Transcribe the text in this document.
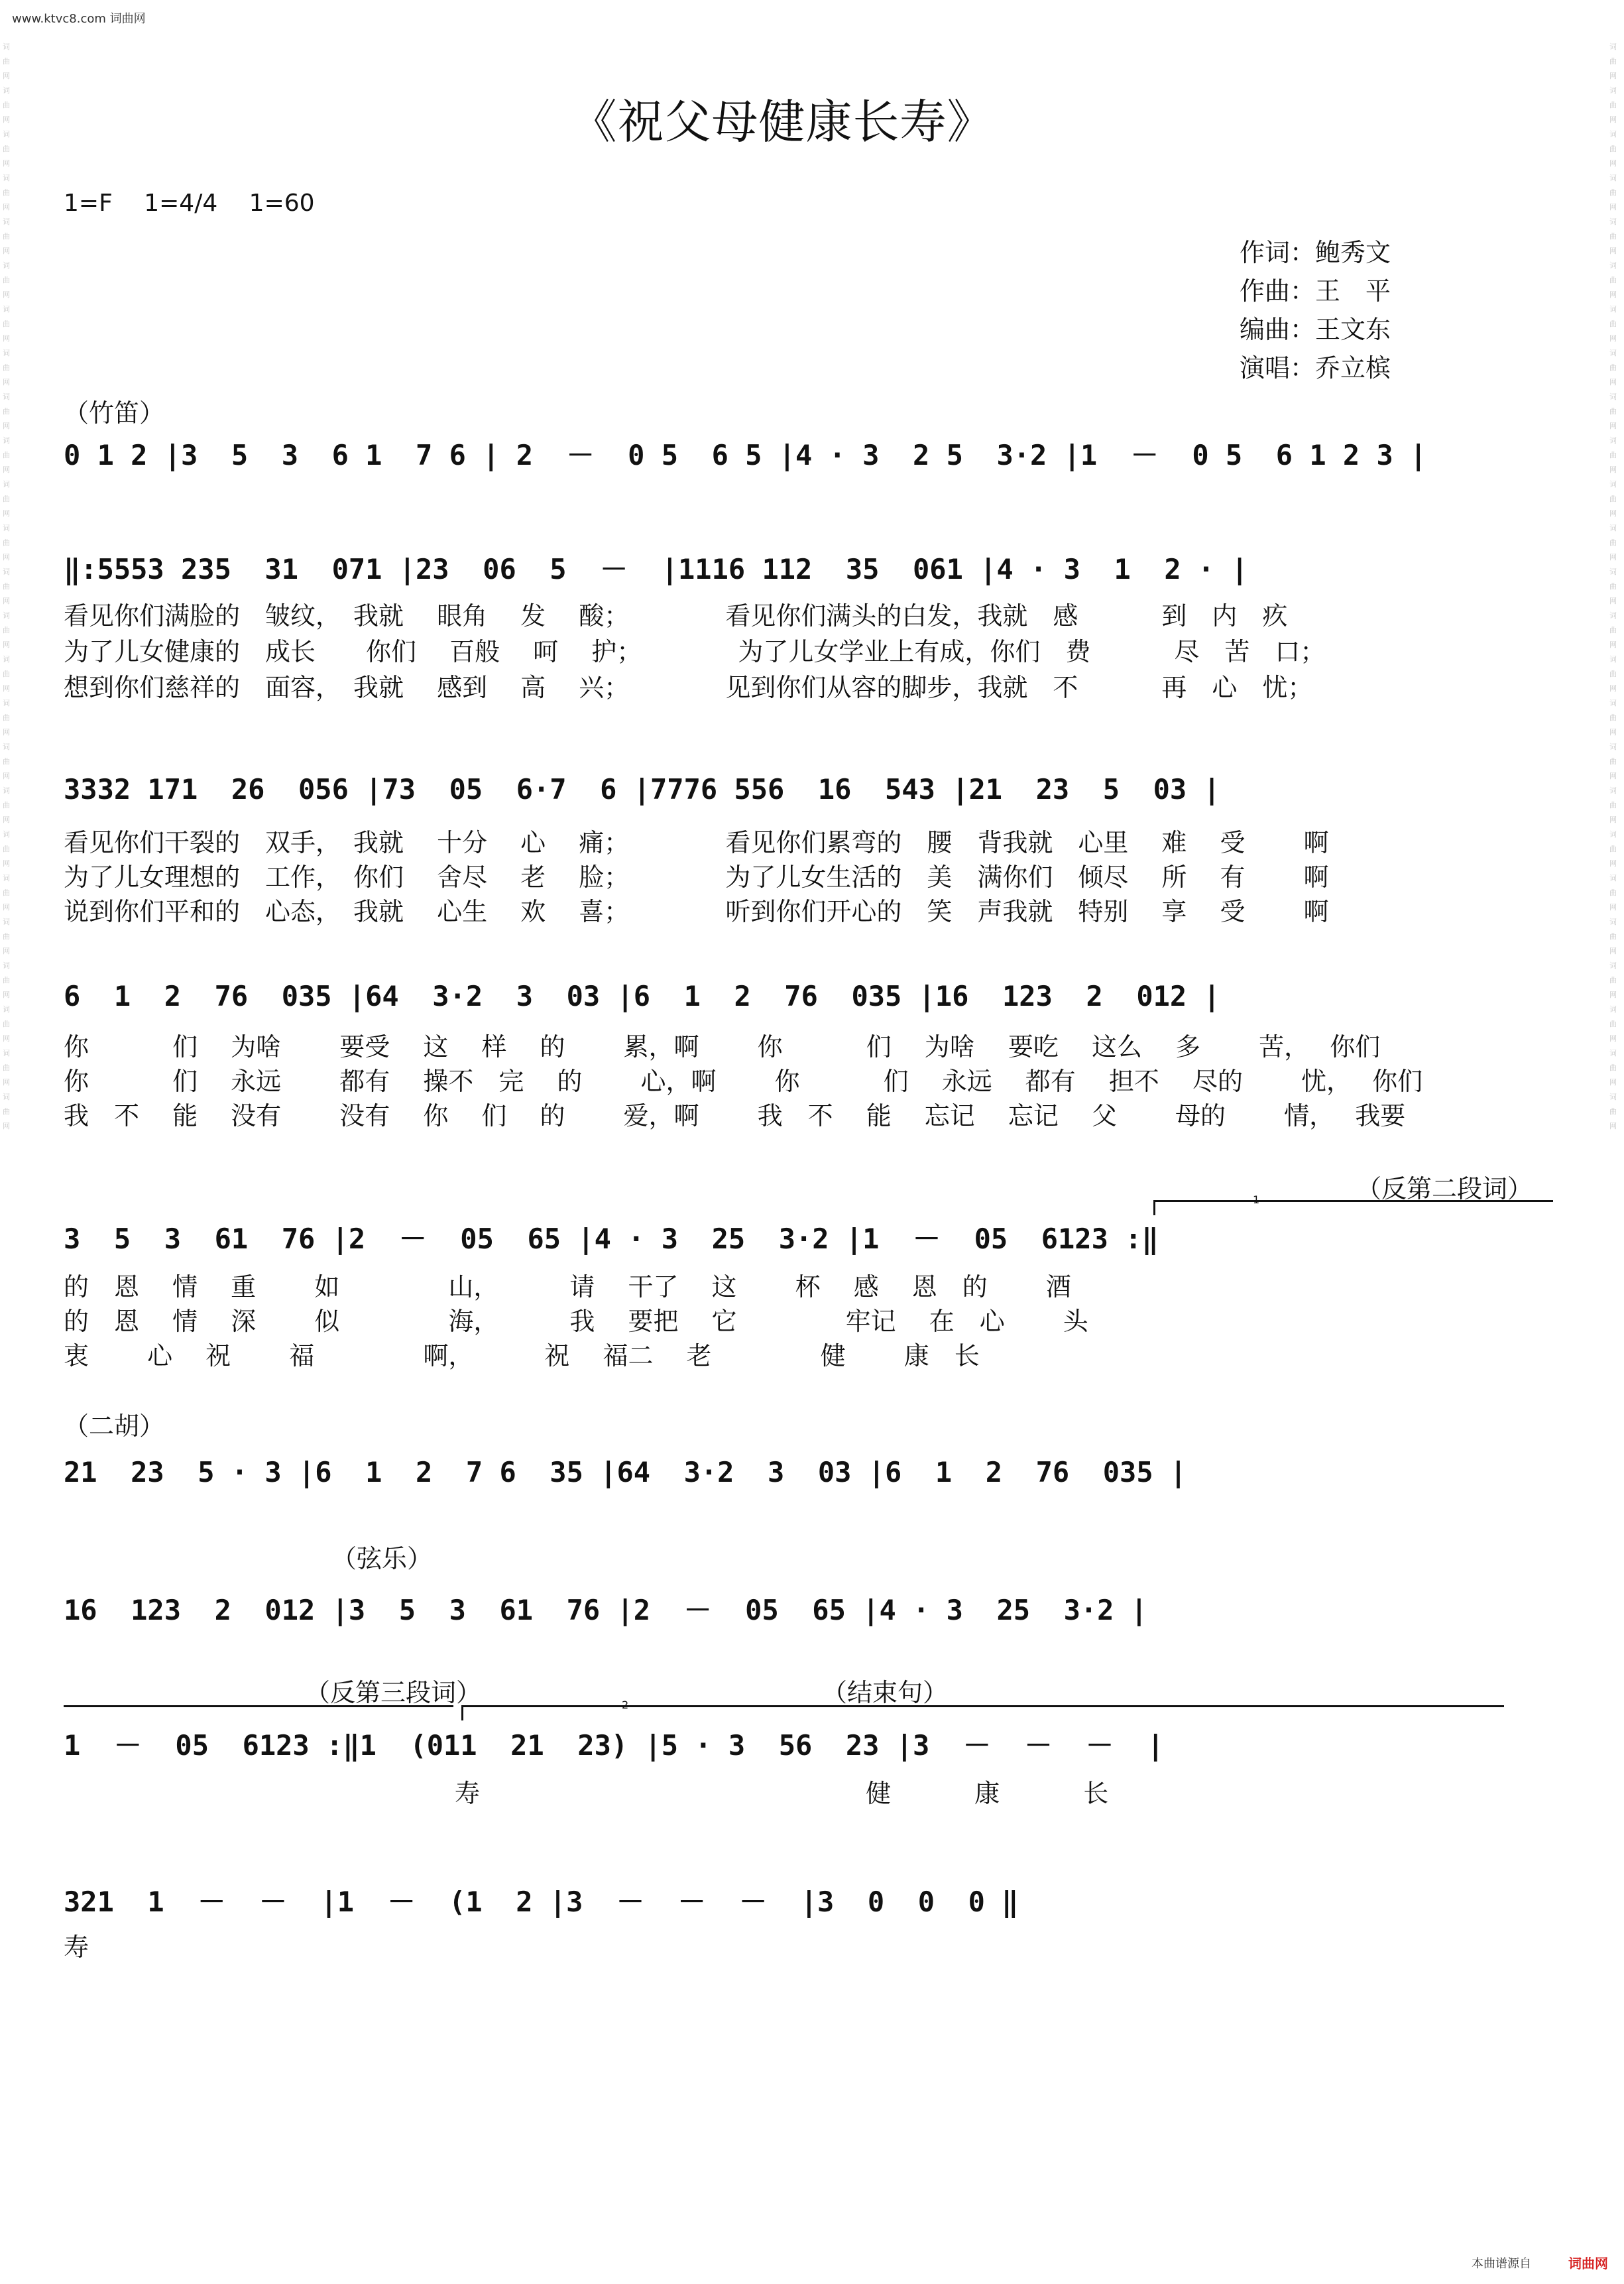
www.ktvc8.com 词曲网
词曲网词曲网词曲网词曲网词曲网词曲网词曲网词曲网词曲网词曲网词曲网词曲网词曲网词曲网词曲网词曲网词曲网词曲网词曲网词曲网词曲网词曲网词曲网词曲网词曲网
词曲网词曲网词曲网词曲网词曲网词曲网词曲网词曲网词曲网词曲网词曲网词曲网词曲网词曲网词曲网词曲网词曲网词曲网词曲网词曲网词曲网词曲网词曲网词曲网词曲网
《祝父母健康长寿》
1=F　 1=4/4　 1=60
作词：鲍秀文
作曲：王　平
编曲：王文东
演唱：乔立槟
（竹笛）
0 1 2 |3  5  3  6 1  7 6 | 2  －  0 5  6 5 |4 · 3  2 5  3·2 |1  －  0 5  6 1 2 3 |
‖:5553 235  31  071 |23  06  5  －  |1116 112  35  061 |4 · 3  1  2 · |
看见你们满脸的　皱纹，　我就　 眼角　 发　 酸；　　　　 看见你们满头的白发，我就　感　　　 到　内　疚
为了儿女健康的　成长　　你们　 百般　 呵　 护；　　　　 为了儿女学业上有成，你们　费　　　 尽　苦　口；
想到你们慈祥的　面容，　我就　 感到　 高　 兴；　　　　 见到你们从容的脚步，我就　不　　　 再　心　忧；
3332 171  26  056 |73  05  6·7  6 |7776 556  16  543 |21  23  5  03 |
看见你们干裂的　双手，　我就　 十分　 心　 痛；　　　　 看见你们累弯的　腰　背我就　心里　 难　 受　　 啊
为了儿女理想的　工作，　你们　 舍尽　 老　 脸；　　　　 为了儿女生活的　美　满你们　倾尽　 所　 有　　 啊
说到你们平和的　心态，　我就　 心生　 欢　 喜；　　　　 听到你们开心的　笑　声我就　特别　 享　 受　　 啊
6  1  2  76  035 |64  3·2  3  03 |6  1  2  76  035 |16  123  2  012 |
你　　　 们　 为啥　　 要受　 这　 样　 的　　 累，啊　　 你　　　 们　 为啥　 要吃　 这么　 多　　 苦，　 你们
你　　　 们　 永远　　 都有　 操不　完　 的　　 心，啊　　 你　　　 们　 永远　 都有　 担不　 尽的　　 忧，　 你们
我　不　 能　 没有　　 没有　 你　 们　 的　　 爱，啊　　 我　不　 能　 忘记　 忘记　 父　　 母的　　 情，　 我要
（反第二段词）
1
3  5  3  61  76 |2  －  05  65 |4 · 3  25  3·2 |1  －  05  6123 :‖
的　恩　 情　 重　　 如　　　　 山，　　　 请　 干了　 这　　 杯　 感　 恩　的　　 酒
的　恩　 情　 深　　 似　　　　 海，　　　 我　 要把　 它　　　　 牢记　 在　心　　 头
衷　　 心　 祝　　 福　　　　 啊，　　　 祝　 福二　 老　　　　 健　　 康　长
（二胡）
21  23  5 · 3 |6  1  2  7 6  35 |64  3·2  3  03 |6  1  2  76  035 |
（弦乐）
16  123  2  012 |3  5  3  61  76 |2  －  05  65 |4 · 3  25  3·2 |
（反第三段词）	（结束句）
2
1  －  05  6123 :‖1  (011  21  23) |5 · 3  56  23 |3  －  －  －  |
寿　　　　　　　　　　　　　　　 健　　　 康　　　 长
321  1  －  －  |1  －  (1  2 |3  －  －  －  |3  0  0  0 ‖
寿
本曲谱源自	词曲网
